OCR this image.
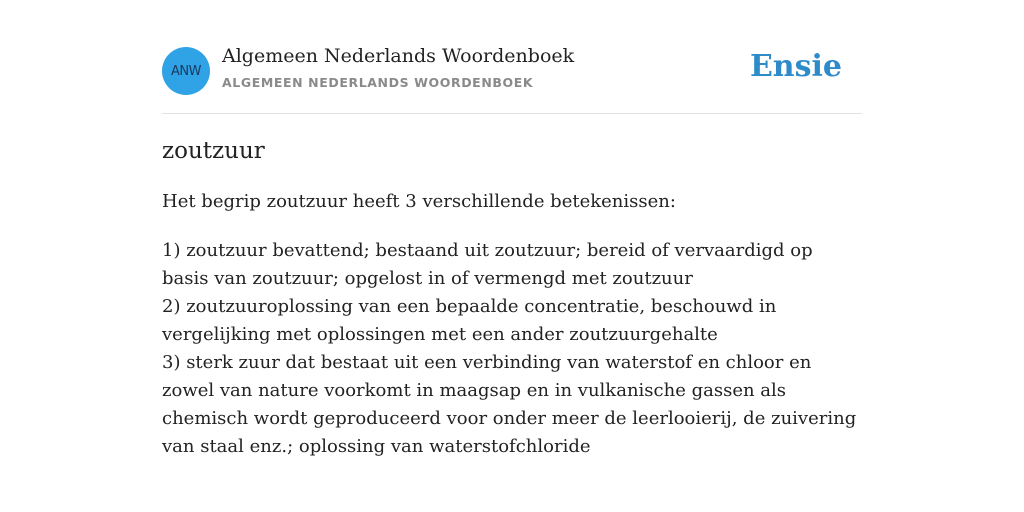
ANW
Algemeen Nederlands Woordenboek
ALGEMEEN NEDERLANDS WOORDENBOEK	Ensie
zoutzuur
Het begrip zoutzuur heeft 3 verschillende betekenissen:
1) zoutzuur bevattend; bestaand uit zoutzuur; bereid of vervaardigd op basis van zoutzuur; opgelost in of vermengd met zoutzuur
2) zoutzuuroplossing van een bepaalde concentratie, beschouwd in vergelijking met oplossingen met een ander zoutzuurgehalte
3) sterk zuur dat bestaat uit een verbinding van waterstof en chloor en zowel van nature voorkomt in maagsap en in vulkanische gassen als chemisch wordt geproduceerd voor onder meer de leerlooierij, de zuivering van staal enz.; oplossing van waterstofchloride
